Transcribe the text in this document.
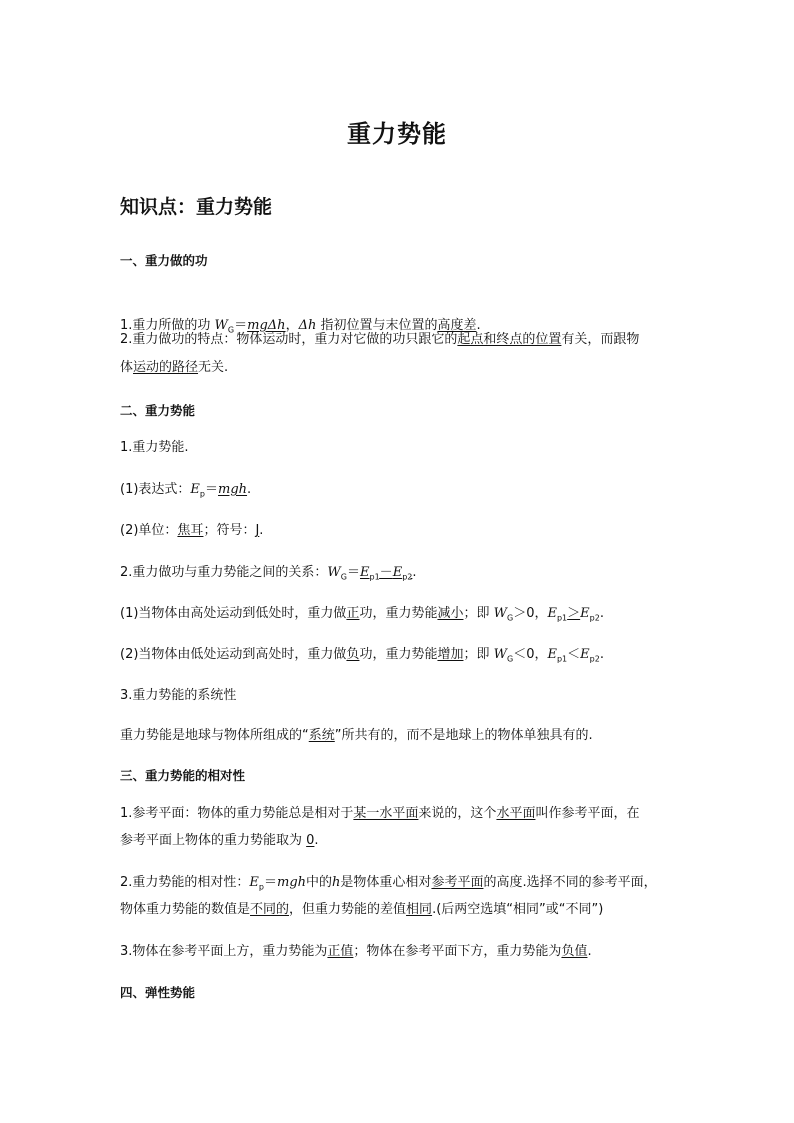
重力势能
知识点：重力势能
一、重力做的功
1.重力所做的功 $W_G=mg\Delta h$，Δh 指初位置与末位置的高度差.
2.重力做功的特点：物体运动时，重力对它做的功只跟它的起点和终点的位置有关，而跟物
体运动的路径无关.
二、重力势能
1.重力势能.
(1)表达式：$E_p=mgh$.
(2)单位：焦耳；符号：J.
2.重力做功与重力势能之间的关系：$W_G=E_{p1}-E_{p2}$.
(1)当物体由高处运动到低处时，重力做正功，重力势能减小；即 $W_G>0$，$E_{p1}>E_{p2}$.
(2)当物体由低处运动到高处时，重力做负功，重力势能增加；即 $W_G<0$，$E_{p1}<E_{p2}$.
3.重力势能的系统性
重力势能是地球与物体所组成的“系统”所共有的，而不是地球上的物体单独具有的.
三、重力势能的相对性
1.参考平面：物体的重力势能总是相对于某一水平面来说的，这个水平面叫作参考平面，在
参考平面上物体的重力势能取为 0.
2.重力势能的相对性：$E_p=mgh$中的h是物体重心相对参考平面的高度.选择不同的参考平面，
物体重力势能的数值是不同的，但重力势能的差值相同.(后两空选填“相同”或“不同”)
3.物体在参考平面上方，重力势能为正值；物体在参考平面下方，重力势能为负值.
四、弹性势能
